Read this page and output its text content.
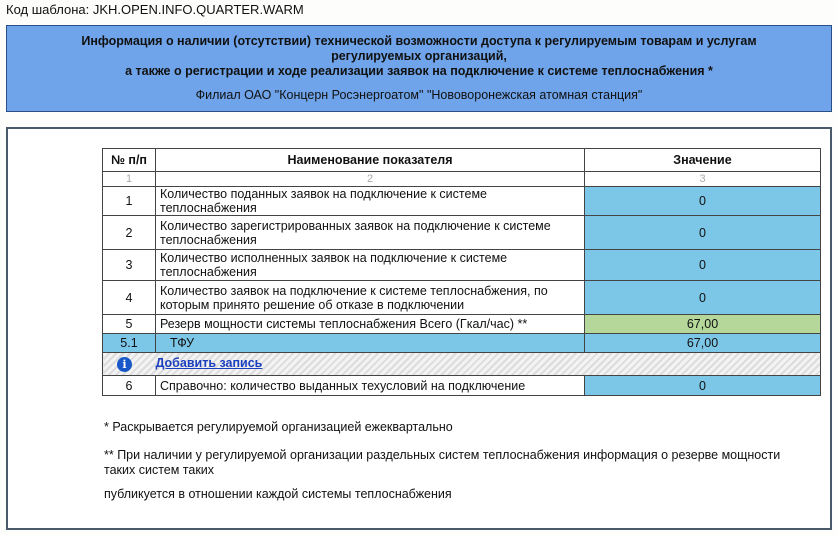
Код шаблона: JKH.OPEN.INFO.QUARTER.WARM
Информация о наличии (отсутствии) технической возможности доступа к регулируемым товарам и услугам регулируемых организаций,
а также о регистрации и ходе реализации заявок на подключение к системе теплоснабжения *
Филиал ОАО "Концерн Росэнергоатом" "Нововоронежская атомная станция"
№ п/п	Наименование показателя	Значение
1	2	3
1	Количество поданных заявок на подключение к системе теплоснабжения	0
2	Количество зарегистрированных заявок на подключение к системе теплоснабжения	0
3	Количество исполненных заявок на подключение к системе теплоснабжения	0
4	Количество заявок на подключение к системе теплоснабжения, по которым принято решение об отказе в подключении	0
5	Резерв мощности системы теплоснабжения Всего (Гкал/час) **	67,00
5.1	ТФУ	67,00
i Добавить запись		
6	Справочно: количество выданных техусловий на подключение	0
* Раскрывается регулируемой организацией ежеквартально
** При наличии у регулируемой организации раздельных систем теплоснабжения информация о резерве мощности таких систем таких
публикуется в отношении каждой системы теплоснабжения
